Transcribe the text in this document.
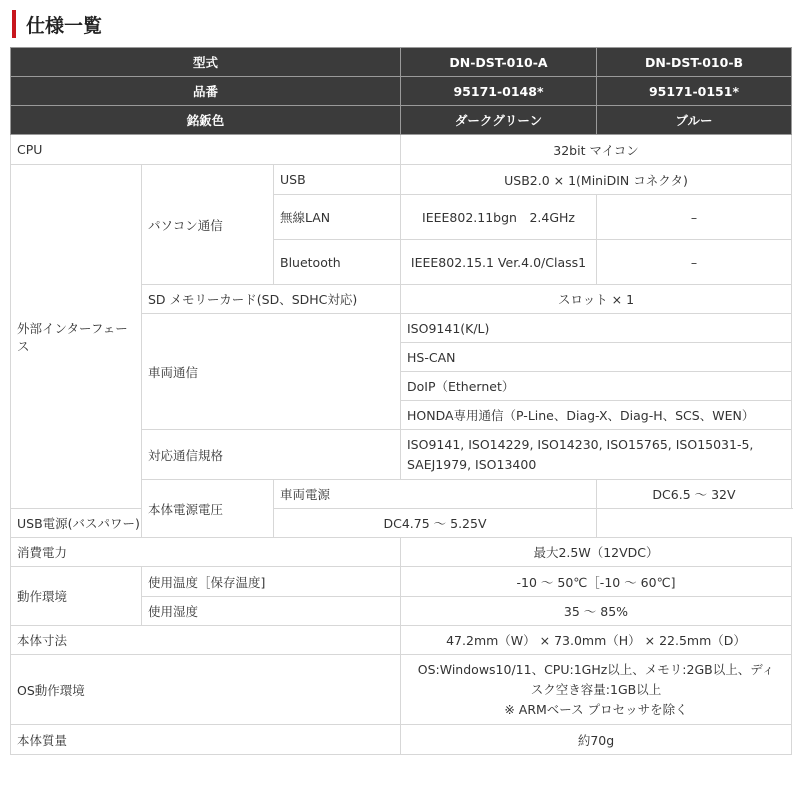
仕様一覧
型式			DN-DST-010-A	DN-DST-010-B
品番			95171-0148*	95171-0151*
銘鈑色			ダークグリーン	ブルー
CPU			32bit マイコン	
外部インターフェース	パソコン通信	USB	USB2.0 × 1(MiniDIN コネクタ)	
		無線LAN	IEEE802.11bgn　2.4GHz	–
		Bluetooth	IEEE802.15.1 Ver.4.0/Class1	–
	SD メモリーカード(SD、SDHC対応)		スロット × 1	
	車両通信		ISO9141(K/L)	
			HS-CAN	
			DoIP（Ethernet）	
			HONDA専用通信（P-Line、Diag-X、Diag-H、SCS、WEN）	
	対応通信規格		ISO9141, ISO14229, ISO14230, ISO15765, ISO15031-5,
SAEJ1979, ISO13400	

	本体電源電圧	車両電源		DC6.5 ～ 32V
USB電源(バスパワー)		DC4.75 ～ 5.25V		
消費電力			最大2.5W（12VDC）	
動作環境	使用温度［保存温度]		-10 ～ 50℃［-10 ～ 60℃]	
	使用湿度		35 ～ 85%	
本体寸法			47.2mm（W） × 73.0mm（H） × 22.5mm（D）	
OS動作環境			OS:Windows10/11、CPU:1GHz以上、メモリ:2GB以上、ディ
スク空き容量:1GB以上
※ ARMベース プロセッサを除く	

本体質量			約70g	
